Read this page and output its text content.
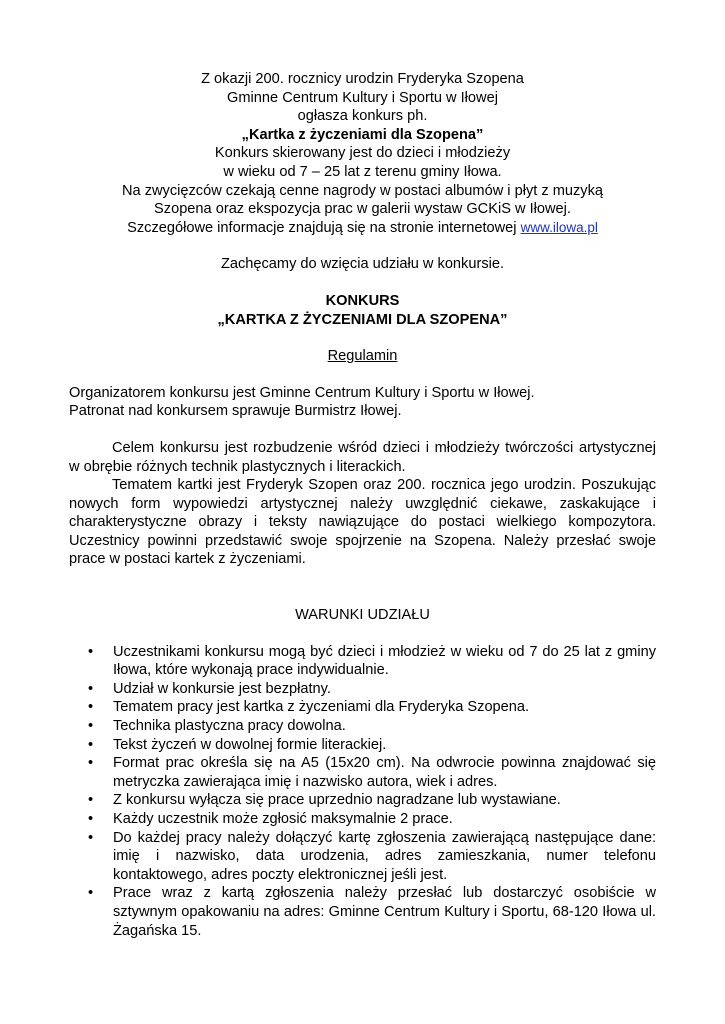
Z okazji 200. rocznicy urodzin Fryderyka Szopena

Gminne Centrum Kultury i Sportu w Iłowej

ogłasza konkurs ph.

„Kartka z życzeniami dla Szopena”

Konkurs skierowany jest do dzieci i młodzieży

w wieku od 7 – 25 lat z terenu gminy Iłowa.

Na zwycięzców czekają cenne nagrody w postaci albumów i płyt z muzyką

Szopena oraz ekspozycja prac w galerii wystaw GCKiS w Iłowej.

Szczegółowe informacje znajdują się na stronie internetowej www.ilowa.pl

Zachęcamy do wzięcia udziału w konkursie.

KONKURS

„KARTKA Z ŻYCZENIAMI DLA SZOPENA”

Regulamin

Organizatorem konkursu jest Gminne Centrum Kultury i Sportu w Iłowej.

Patronat nad konkursem sprawuje Burmistrz Iłowej.

Celem konkursu jest rozbudzenie wśród dzieci i młodzieży twórczości artystycznej w obrębie różnych technik plastycznych i literackich.

Tematem kartki jest Fryderyk Szopen oraz 200. rocznica jego urodzin. Poszukując nowych form wypowiedzi artystycznej należy uwzględnić ciekawe, zaskakujące i charakterystyczne obrazy i teksty nawiązujące do postaci wielkiego kompozytora. Uczestnicy powinni przedstawić swoje spojrzenie na Szopena. Należy przesłać swoje prace w postaci kartek z życzeniami.

WARUNKI UDZIAŁU

• Uczestnikami konkursu mogą być dzieci i młodzież w wieku od 7 do 25 lat z gminy Iłowa, które wykonają prace indywidualnie.
• Udział w konkursie jest bezpłatny.
• Tematem pracy jest kartka z życzeniami dla Fryderyka Szopena.
• Technika plastyczna pracy dowolna.
• Tekst życzeń w dowolnej formie literackiej.
• Format prac określa się na A5 (15x20 cm). Na odwrocie powinna znajdować się metryczka zawierająca imię i nazwisko autora, wiek i adres.
• Z konkursu wyłącza się prace uprzednio nagradzane lub wystawiane.
• Każdy uczestnik może zgłosić maksymalnie 2 prace.
• Do każdej pracy należy dołączyć kartę zgłoszenia zawierającą następujące dane: imię i nazwisko, data urodzenia, adres zamieszkania, numer telefonu kontaktowego, adres poczty elektronicznej jeśli jest.
• Prace wraz z kartą zgłoszenia należy przesłać lub dostarczyć osobiście w sztywnym opakowaniu na adres: Gminne Centrum Kultury i Sportu, 68-120 Iłowa ul. Żagańska 15.
